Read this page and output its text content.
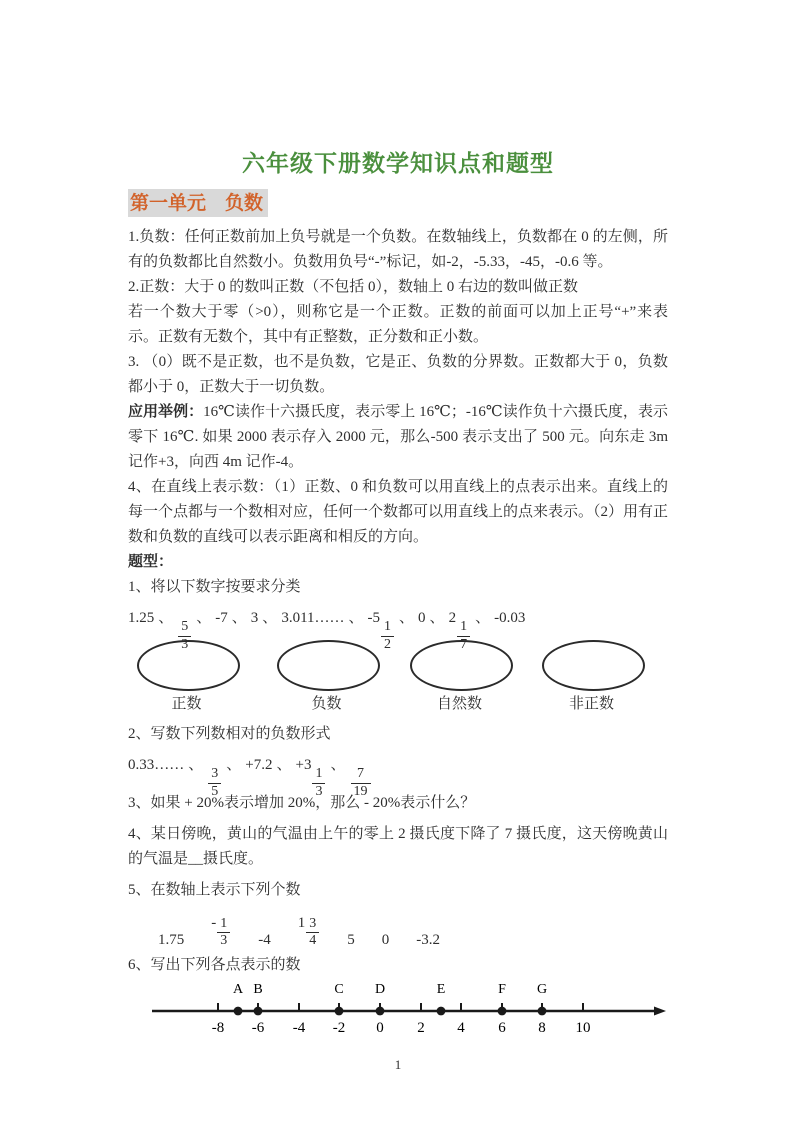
六年级下册数学知识点和题型
第一单元　负数

1.负数：任何正数前加上负号就是一个负数。在数轴线上，负数都在 0 的左侧，所有的负数都比自然数小。负数用负号“-”标记，如-2，-5.33，-45，-0.6 等。

2.正数：大于 0 的数叫正数（不包括 0），数轴上 0 右边的数叫做正数

若一个数大于零（>0），则称它是一个正数。正数的前面可以加上正号“+”来表示。正数有无数个，其中有正整数，正分数和正小数。

3. （0）既不是正数，也不是负数，它是正、负数的分界数。正数都大于 0，负数都小于 0，正数大于一切负数。

应用举例：16℃读作十六摄氏度，表示零上 16℃；-16℃读作负十六摄氏度，表示零下 16℃. 如果 2000 表示存入 2000 元，那么-500 表示支出了 500 元。向东走 3m 记作+3，向西 4m 记作-4。

4、在直线上表示数：（1）正数、0 和负数可以用直线上的点表示出来。直线上的每一个点都与一个数相对应，任何一个数都可以用直线上的点来表示。（2）用有正数和负数的直线可以表示距离和相反的方向。

题型：

1、将以下数字按要求分类

1.25 、
$\frac{5}{3}$
、 -7 、 3 、 3.011…… 、 -5
$\frac{1}{2}$
、 0 、 2
$\frac{1}{7}$
、 -0.03
正数	负数	自然数	非正数

2、写数下列数相对的负数形式

0.33…… 、
$\frac{3}{5}$
、 +7.2 、 +3
$\frac{1}{3}$
、
$\frac{7}{19}$

3、如果 + 20%表示增加 20%，那么 - 20%表示什么？

4、某日傍晚，黄山的气温由上午的零上 2 摄氏度下降了 7 摄氏度，这天傍晚黄山的气温是__摄氏度。

5、在数轴上表示下列个数

1.75
- $\frac{1}{3} -4$
$1 \frac{3}{4} 5$ 0 -3.2

6、写出下列各点表示的数

A B	C D	E	F G
-8 -6 -4 -2 0 2 4 6 8 10
1
